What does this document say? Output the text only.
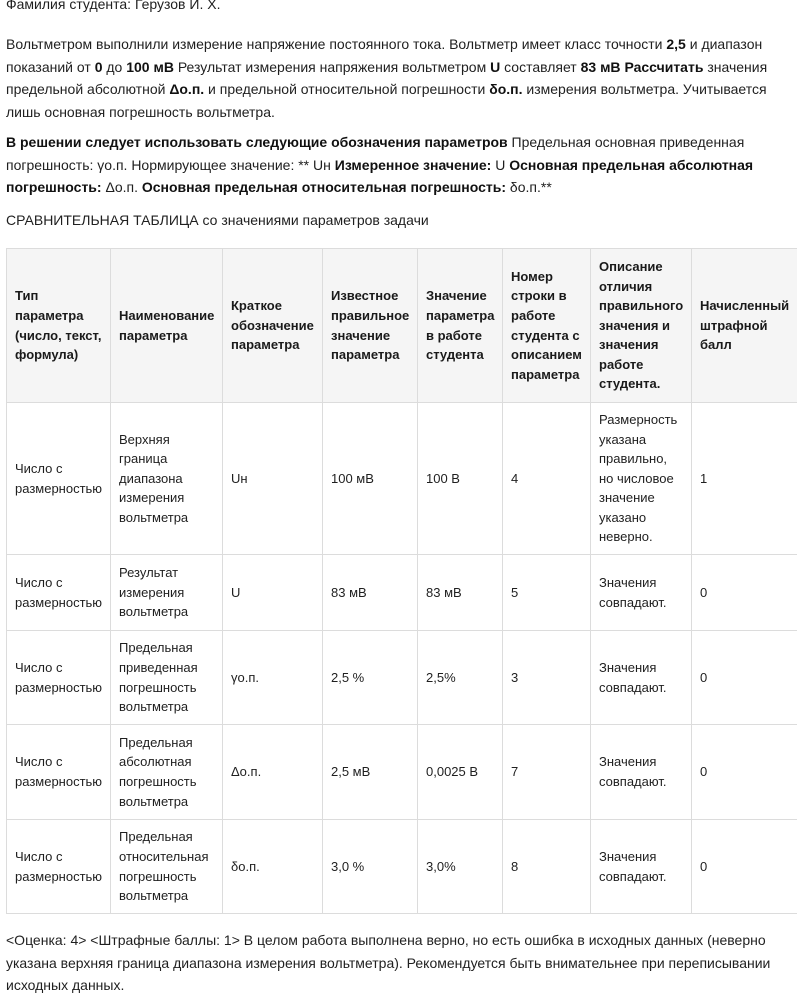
Фамилия студента: Герузов И. Х.

Вольтметром выполнили измерение напряжение постоянного тока. Вольтметр имеет класс точности 2,5 и диапазон показаний от 0 до 100 мВ Результат измерения напряжения вольтметром U составляет 83 мВ Рассчитать значения предельной абсолютной Δо.п. и предельной относительной погрешности δо.п. измерения вольтметра. Учитывается лишь основная погрешность вольтметра.

В решении следует использовать следующие обозначения параметров Предельная основная приведенная погрешность: γо.п. Нормирующее значение: ** Uн Измеренное значение: U Основная предельная абсолютная погрешность: Δо.п. Основная предельная относительная погрешность: δо.п.**

СРАВНИТЕЛЬНАЯ ТАБЛИЦА со значениями параметров задачи

Тип параметра (число, текст, формула)	Наименование параметра	Краткое обозначение параметра	Известное правильное значение параметра	Значение параметра в работе студента	Номер строки в работе студента с описанием параметра	Описание отличия правильного значения и значения работе студента.	Начисленный штрафной балл
Число с размерностью	Верхняя граница диапазона измерения вольтметра	Uн	100 мВ	100 В	4	Размерность указана правильно, но числовое значение указано неверно.	1
Число с размерностью	Результат измерения вольтметра	U	83 мВ	83 мВ	5	Значения совпадают.	0
Число с размерностью	Предельная приведенная погрешность вольтметра	γо.п.	2,5 %	2,5%	3	Значения совпадают.	0
Число с размерностью	Предельная абсолютная погрешность вольтметра	Δо.п.	2,5 мВ	0,0025 В	7	Значения совпадают.	0
Число с размерностью	Предельная относительная погрешность вольтметра	δо.п.	3,0 %	3,0%	8	Значения совпадают.	0

<Оценка: 4> <Штрафные баллы: 1> В целом работа выполнена верно, но есть ошибка в исходных данных (неверно указана верхняя граница диапазона измерения вольтметра). Рекомендуется быть внимательнее при переписывании исходных данных.
